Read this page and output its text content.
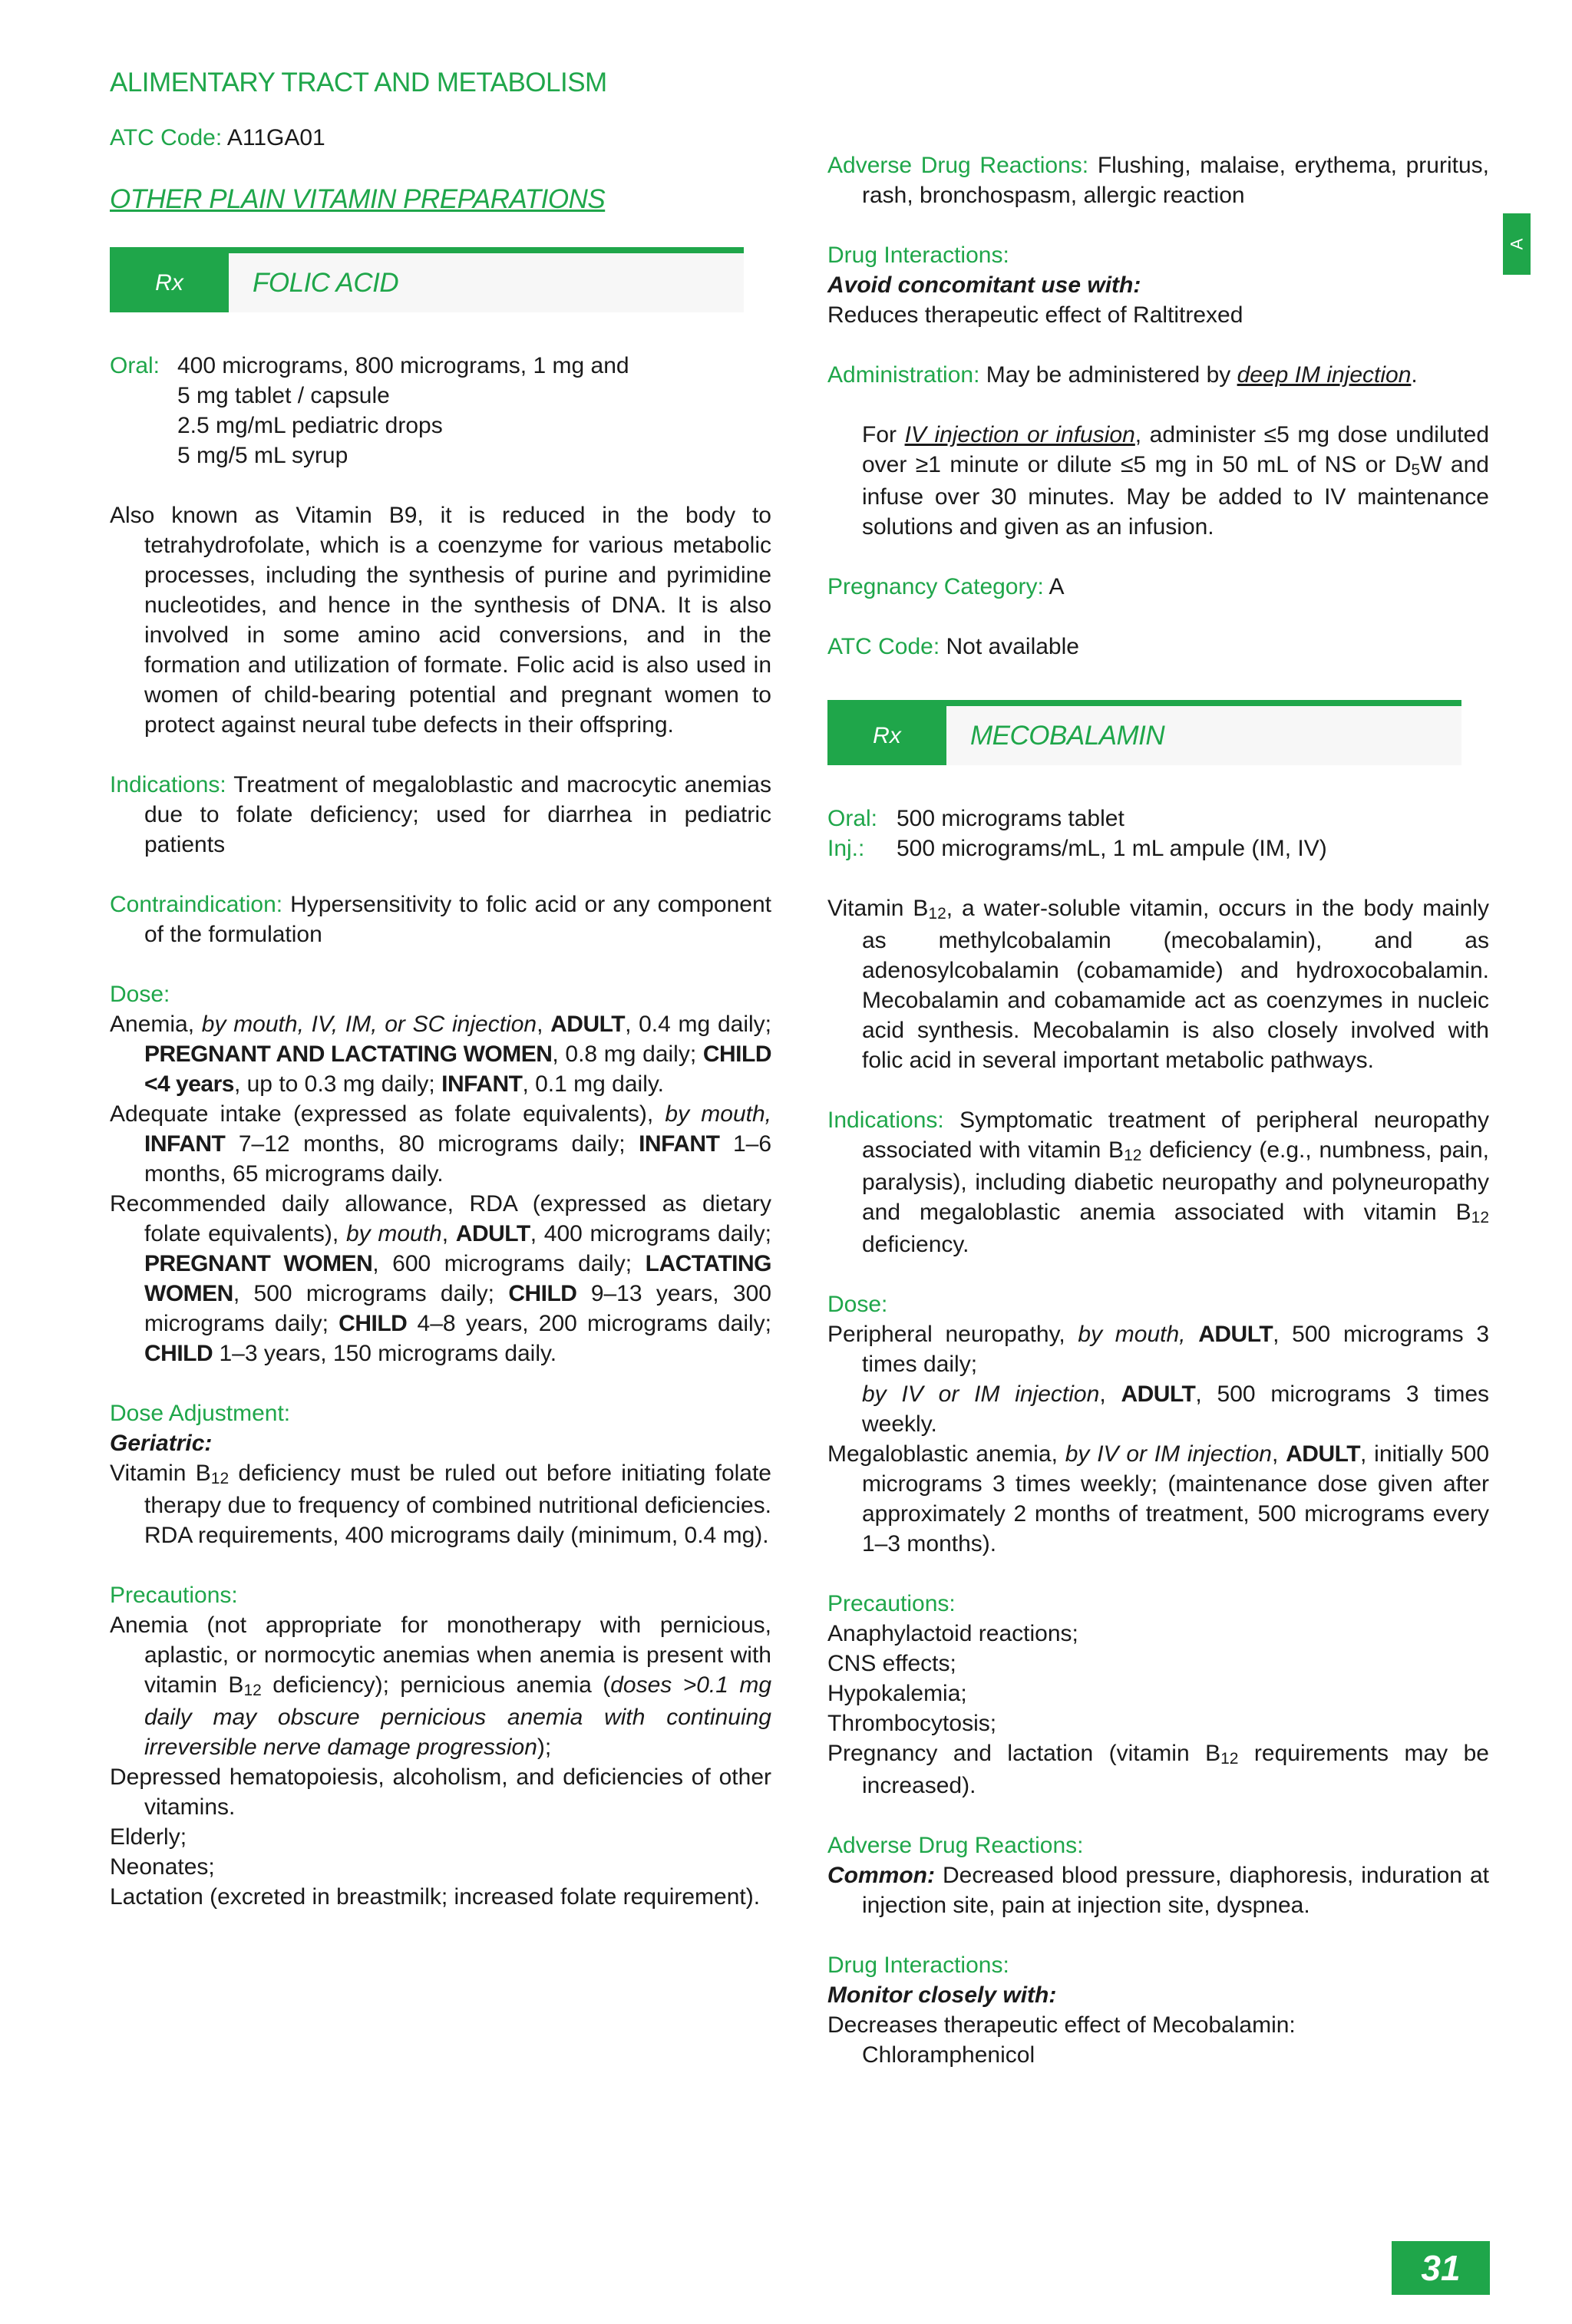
ALIMENTARY TRACT AND METABOLISM
ATC Code: A11GA01
OTHER PLAIN VITAMIN PREPARATIONS
Rx	FOLIC ACID
Oral: 400 micrograms, 800 micrograms, 1 mg and
5 mg tablet / capsule
2.5 mg/mL pediatric drops
5 mg/5 mL syrup
Also known as Vitamin B9, it is reduced in the body to tetrahydrofolate, which is a coenzyme for various metabolic processes, including the synthesis of purine and pyrimidine nucleotides, and hence in the synthesis of DNA. It is also involved in some amino acid conversions, and in the formation and utilization of formate. Folic acid is also used in women of child-bearing potential and pregnant women to protect against neural tube defects in their offspring.
Indications: Treatment of megaloblastic and macrocytic anemias due to folate deficiency; used for diarrhea in pediatric patients
Contraindication: Hypersensitivity to folic acid or any component of the formulation
Dose:
Anemia, by mouth, IV, IM, or SC injection, ADULT, 0.4 mg daily; PREGNANT AND LACTATING WOMEN, 0.8 mg daily; CHILD <4 years, up to 0.3 mg daily; INFANT, 0.1 mg daily.
Adequate intake (expressed as folate equivalents), by mouth, INFANT 7–12 months, 80 micrograms daily; INFANT 1–6 months, 65 micrograms daily.
Recommended daily allowance, RDA (expressed as dietary folate equivalents), by mouth, ADULT, 400 micrograms daily; PREGNANT WOMEN, 600 micrograms daily; LACTATING WOMEN, 500 micrograms daily; CHILD 9–13 years, 300 micrograms daily; CHILD 4–8 years, 200 micrograms daily; CHILD 1–3 years, 150 micrograms daily.
Dose Adjustment:
Geriatric:
Vitamin $B_{12}$ deficiency must be ruled out before initiating folate therapy due to frequency of combined nutritional deficiencies. RDA requirements, 400 micrograms daily (minimum, 0.4 mg).
Precautions:
Anemia (not appropriate for monotherapy with pernicious, aplastic, or normocytic anemias when anemia is present with vitamin $B_{12}$ deficiency); pernicious anemia (doses >0.1 mg daily may obscure pernicious anemia with continuing irreversible nerve damage progression);
Depressed hematopoiesis, alcoholism, and deficiencies of other vitamins.
Elderly;
Neonates;
Lactation (excreted in breastmilk; increased folate requirement).
Adverse Drug Reactions: Flushing, malaise, erythema, pruritus, rash, bronchospasm, allergic reaction
Drug Interactions:
Avoid concomitant use with:
Reduces therapeutic effect of Raltitrexed
Administration: May be administered by deep IM injection.
For IV injection or infusion, administer ≤5 mg dose undiluted over ≥1 minute or dilute ≤5 mg in 50 mL of NS or $D_5W$ and infuse over 30 minutes. May be added to IV maintenance solutions and given as an infusion.
Pregnancy Category: A
ATC Code: Not available
Rx	MECOBALAMIN
Oral: 500 micrograms tablet
Inj.:	500 micrograms/mL, 1 mL ampule (IM, IV)
Vitamin $B_{12}$, a water-soluble vitamin, occurs in the body mainly as methylcobalamin (mecobalamin), and as adenosylcobalamin (cobamamide) and hydroxocobalamin. Mecobalamin and cobamamide act as coenzymes in nucleic acid synthesis. Mecobalamin is also closely involved with folic acid in several important metabolic pathways.
Indications: Symptomatic treatment of peripheral neuropathy associated with vitamin $B_{12}$ deficiency (e.g., numbness, pain, paralysis), including diabetic neuropathy and polyneuropathy and megaloblastic anemia associated with vitamin $B_{12}$ deficiency.
Dose:
Peripheral neuropathy, by mouth, ADULT, 500 micrograms 3 times daily;
by IV or IM injection, ADULT, 500 micrograms 3 times weekly.
Megaloblastic anemia, by IV or IM injection, ADULT, initially 500 micrograms 3 times weekly; (maintenance dose given after approximately 2 months of treatment, 500 micrograms every 1–3 months).
Precautions:
Anaphylactoid reactions;
CNS effects;
Hypokalemia;
Thrombocytosis;
Pregnancy and lactation (vitamin $B_{12}$ requirements may be increased).
Adverse Drug Reactions:
Common: Decreased blood pressure, diaphoresis, induration at injection site, pain at injection site, dyspnea.
Drug Interactions:
Monitor closely with:
Decreases therapeutic effect of Mecobalamin:
Chloramphenicol
A
31
